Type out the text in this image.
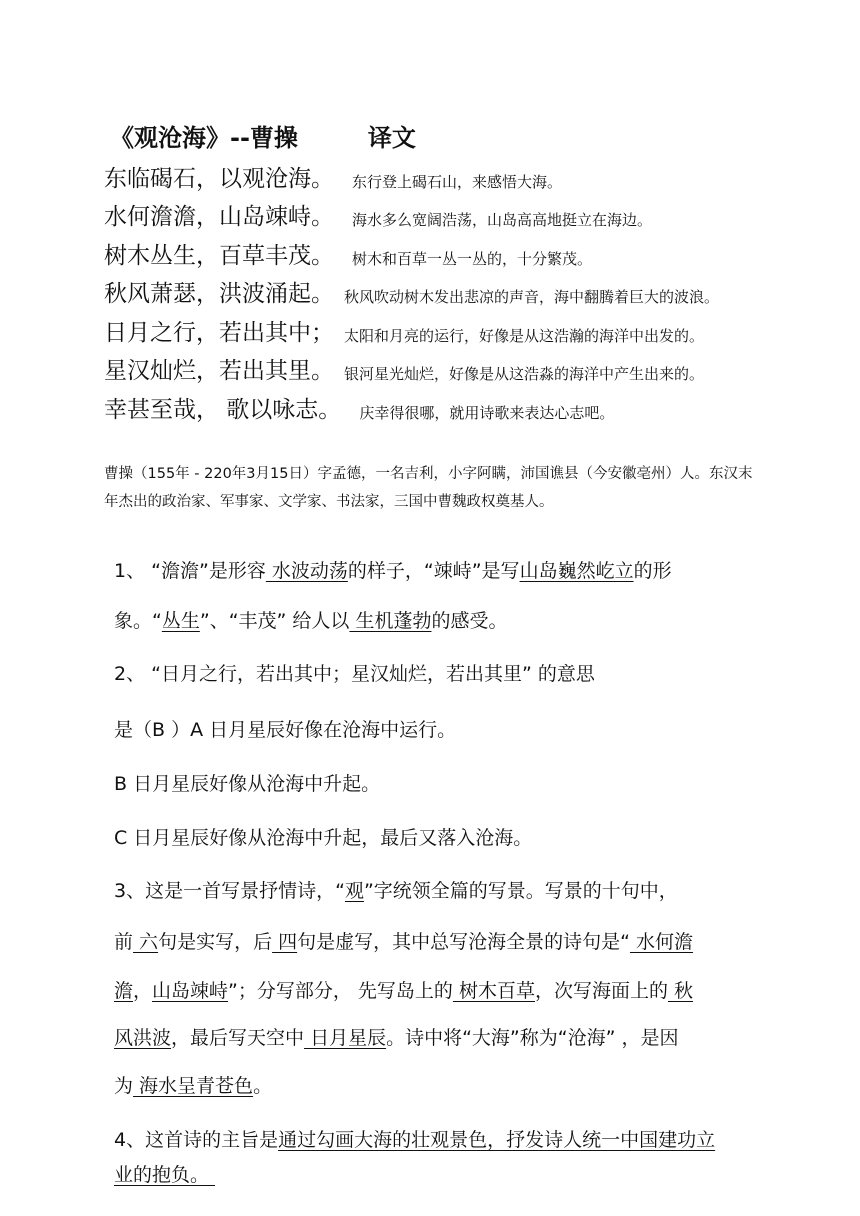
《观沧海》--曹操	译文
东临碣石，以观沧海。 东行登上碣石山，来感悟大海。
水何澹澹，山岛竦峙。 海水多么宽阔浩荡，山岛高高地挺立在海边。
树木丛生，百草丰茂。 树木和百草一丛一丛的，十分繁茂。
秋风萧瑟，洪波涌起。 秋风吹动树木发出悲凉的声音，海中翻腾着巨大的波浪。
日月之行，若出其中； 太阳和月亮的运行，好像是从这浩瀚的海洋中出发的。
星汉灿烂，若出其里。 银河星光灿烂，好像是从这浩淼的海洋中产生出来的。
幸甚至哉， 歌以咏志。 庆幸得很哪，就用诗歌来表达心志吧。
曹操（155年 - 220年3月15日）字孟德，一名吉利，小字阿瞒，沛国谯县（今安徽亳州）人。东汉末年杰出的政治家、军事家、文学家、书法家，三国中曹魏政权奠基人。
1、 “澹澹”是形容 水波动荡的样子，“竦峙”是写山岛巍然屹立的形
象。“丛生”、“丰茂” 给人以 生机蓬勃的感受。
2、 “日月之行，若出其中；星汉灿烂，若出其里” 的意思
是（B ）A 日月星辰好像在沧海中运行。
B 日月星辰好像从沧海中升起。
C 日月星辰好像从沧海中升起，最后又落入沧海。
3、这是一首写景抒情诗，“观”字统领全篇的写景。写景的十句中，
前 六句是实写，后 四句是虚写，其中总写沧海全景的诗句是“ 水何澹
澹，山岛竦峙”；分写部分， 先写岛上的 树木百草，次写海面上的 秋
风洪波，最后写天空中 日月星辰。诗中将“大海”称为“沧海” ，是因
为 海水呈青苍色。
4、这首诗的主旨是通过勾画大海的壮观景色，抒发诗人统一中国建功立
业的抱负。
